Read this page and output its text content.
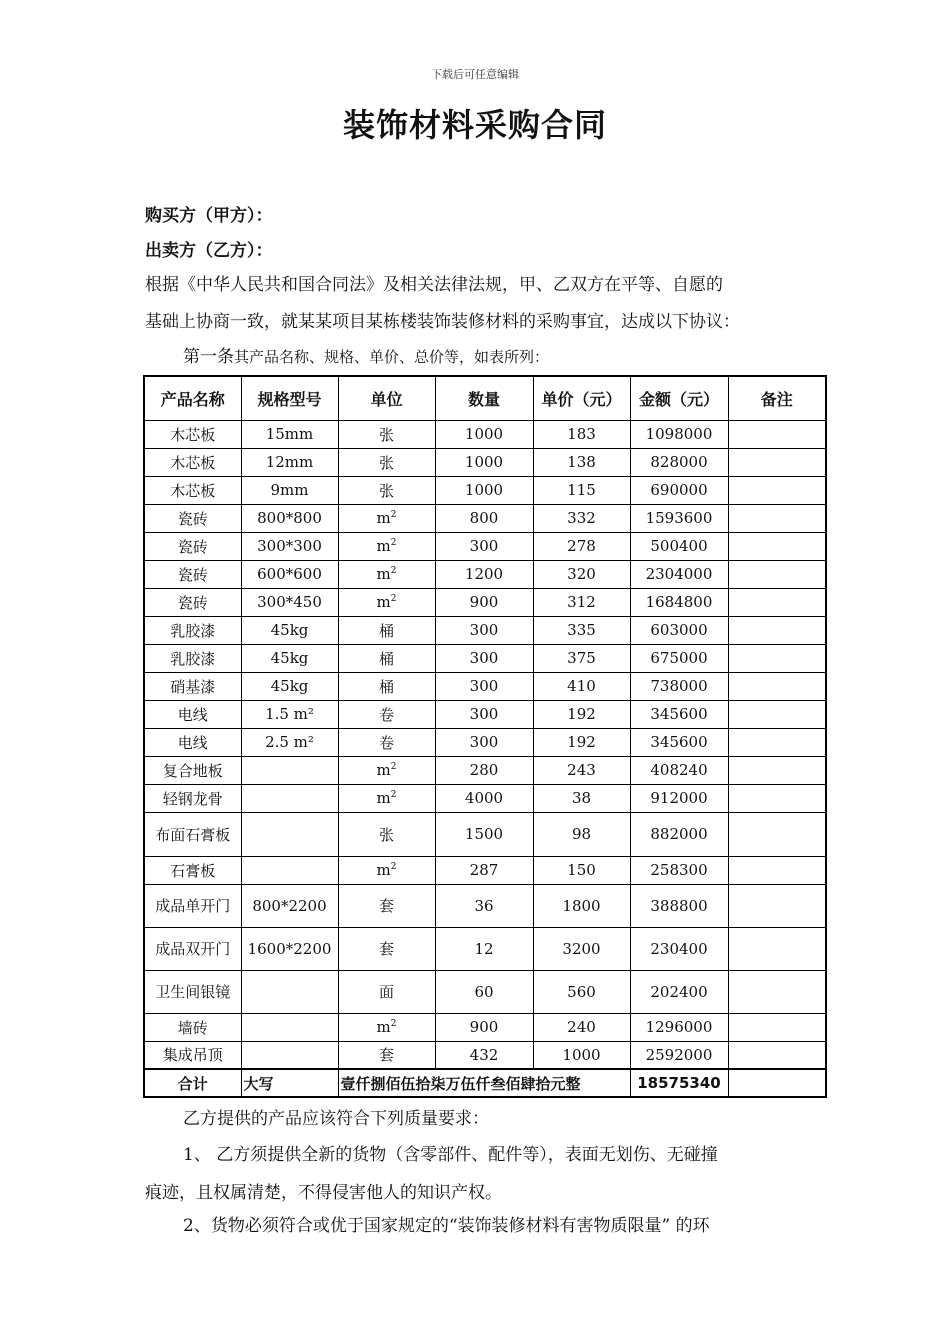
下载后可任意编辑
装饰材料采购合同
购买方（甲方）：
出卖方（乙方）：
根据《中华人民共和国合同法》及相关法律法规，甲、乙双方在平等、自愿的
基础上协商一致，就某某项目某栋楼装饰装修材料的采购事宜，达成以下协议：
第一条其产品名称、规格、单价、总价等，如表所列：
产品名称	规格型号	单位	数量	单价（元）	金额（元）	备注
木芯板	15mm	张	1000	183	1098000	
木芯板	12mm	张	1000	138	828000	
木芯板	9mm	张	1000	115	690000	
瓷砖	800*800	$m^2$	800	332	1593600	
瓷砖	300*300	$m^2$	300	278	500400	
瓷砖	600*600	$m^2$	1200	320	2304000	
瓷砖	300*450	$m^2$	900	312	1684800	
乳胶漆	45kg	桶	300	335	603000	
乳胶漆	45kg	桶	300	375	675000	
硝基漆	45kg	桶	300	410	738000	
电线	1.5 m²	卷	300	192	345600	
电线	2.5 m²	卷	300	192	345600	
复合地板		$m^2$	280	243	408240	
轻钢龙骨		$m^2$	4000	38	912000	
布面石膏板		张	1500	98	882000	
石膏板		$m^2$	287	150	258300	
成品单开门	800*2200	套	36	1800	388800	
成品双开门	1600*2200	套	12	3200	230400	
卫生间银镜		面	60	560	202400	
墙砖		$m^2$	900	240	1296000	
集成吊顶		套	432	1000	2592000	
合计	大写	壹仟捌佰伍拾柒万伍仟叁佰肆拾元整			18575340	
乙方提供的产品应该符合下列质量要求：
1、 乙方须提供全新的货物（含零部件、配件等），表面无划伤、无碰撞
痕迹，且权属清楚，不得侵害他人的知识产权。
2、货物必须符合或优于国家规定的“装饰装修材料有害物质限量” 的环
